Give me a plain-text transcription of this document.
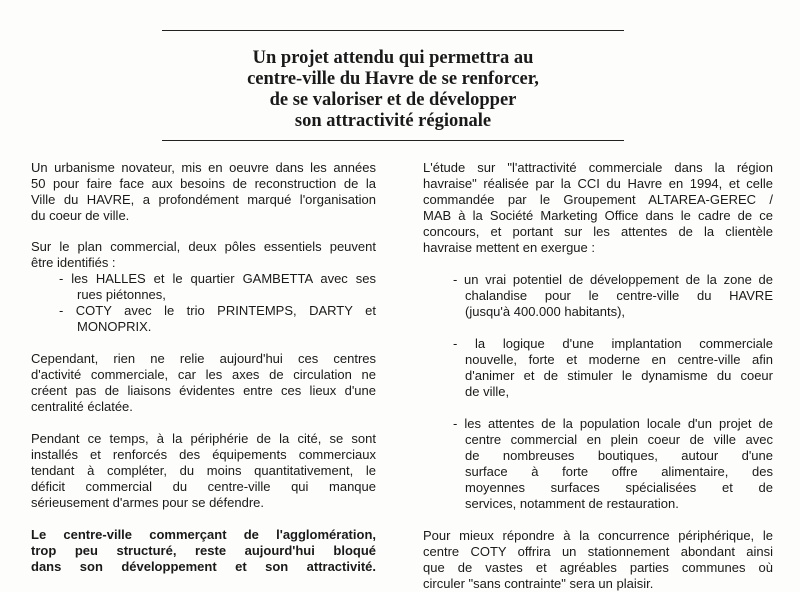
Un projet attendu qui permettra au
centre-ville du Havre de se renforcer,
de se valoriser et de développer
son attractivité régionale
Un urbanisme novateur, mis en oeuvre dans les années
50 pour faire face aux besoins de reconstruction de la
Ville du HAVRE, a profondément marqué l'organisation
du coeur de ville.
Sur le plan commercial, deux pôles essentiels peuvent
être identifiés :
- les HALLES et le quartier GAMBETTA avec ses
rues piétonnes,
- COTY avec le trio PRINTEMPS, DARTY et
MONOPRIX.
Cependant, rien ne relie aujourd'hui ces centres
d'activité commerciale, car les axes de circulation ne
créent pas de liaisons évidentes entre ces lieux d'une
centralité éclatée.
Pendant ce temps, à la périphérie de la cité, se sont
installés et renforcés des équipements commerciaux
tendant à compléter, du moins quantitativement, le
déficit commercial du centre-ville qui manque
sérieusement d'armes pour se défendre.
Le centre-ville commerçant de l'agglomération,
trop peu structuré, reste aujourd'hui bloqué
dans son développement et son attractivité.
L'étude sur "l'attractivité commerciale dans la région
havraise" réalisée par la CCI du Havre en 1994, et celle
commandée par le Groupement ALTAREA-GEREC /
MAB à la Société Marketing Office dans le cadre de ce
concours, et portant sur les attentes de la clientèle
havraise mettent en exergue :
- un vrai potentiel de développement de la zone de
chalandise pour le centre-ville du HAVRE
(jusqu'à 400.000 habitants),
- la logique d'une implantation commerciale
nouvelle, forte et moderne en centre-ville afin
d'animer et de stimuler le dynamisme du coeur
de ville,
- les attentes de la population locale d'un projet de
centre commercial en plein coeur de ville avec
de nombreuses boutiques, autour d'une
surface à forte offre alimentaire, des
moyennes surfaces spécialisées et de
services, notamment de restauration.
Pour mieux répondre à la concurrence périphérique, le
centre COTY offrira un stationnement abondant ainsi
que de vastes et agréables parties communes où
circuler "sans contrainte" sera un plaisir.
